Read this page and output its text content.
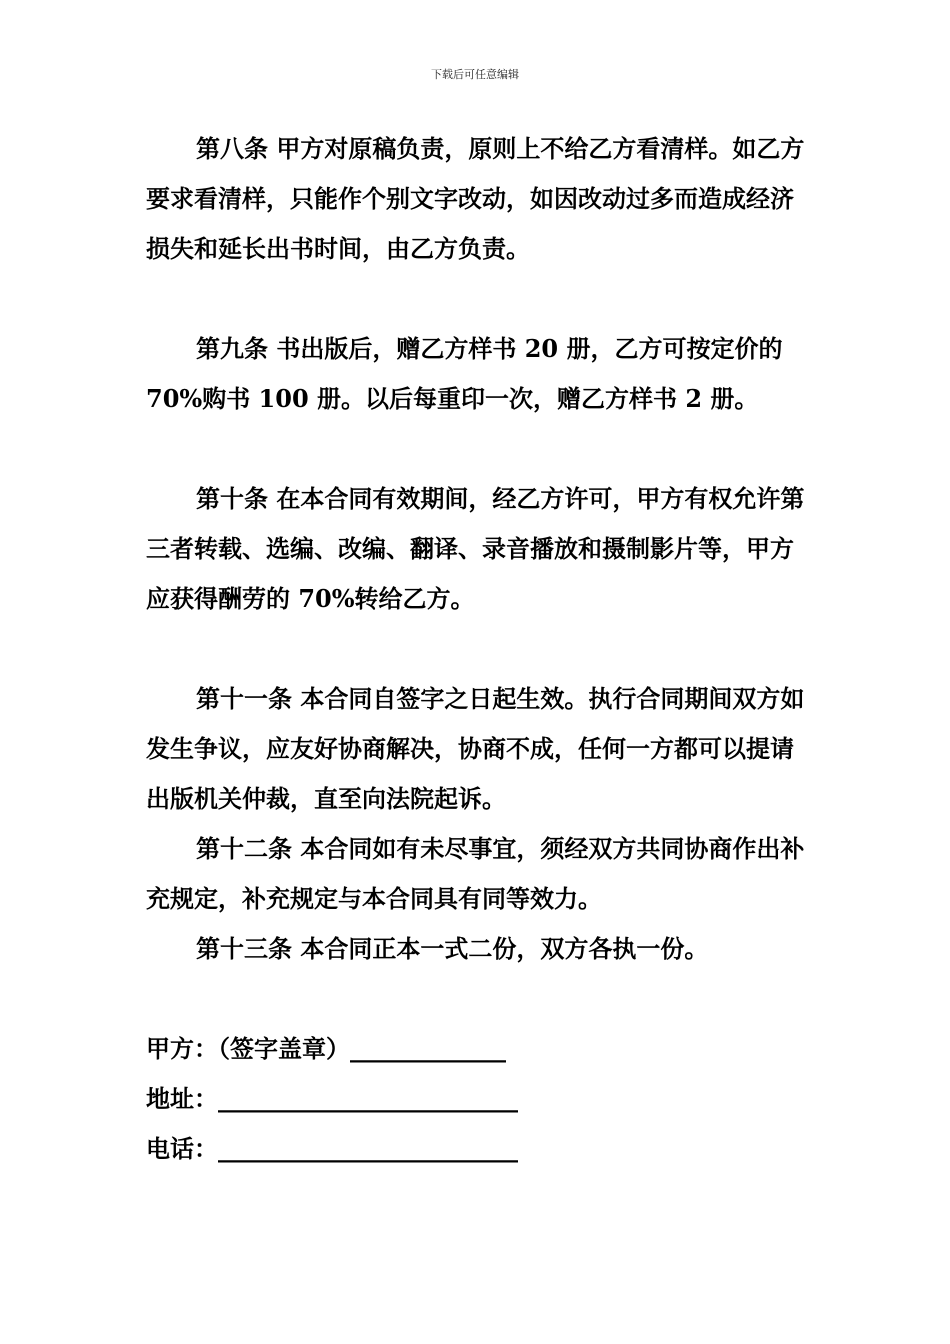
下载后可任意编辑

第八条 甲方对原稿负责，原则上不给乙方看清样。如乙方要求看清样，只能作个别文字改动，如因改动过多而造成经济损失和延长出书时间，由乙方负责。

第九条 书出版后，赠乙方样书 20 册，乙方可按定价的 70%购书 100 册。以后每重印一次，赠乙方样书 2 册。

第十条 在本合同有效期间，经乙方许可，甲方有权允许第三者转载、选编、改编、翻译、录音播放和摄制影片等，甲方应获得酬劳的 70%转给乙方。

第十一条 本合同自签字之日起生效。执行合同期间双方如发生争议，应友好协商解决，协商不成，任何一方都可以提请出版机关仲裁，直至向法院起诉。

第十二条 本合同如有未尽事宜，须经双方共同协商作出补充规定，补充规定与本合同具有同等效力。

第十三条 本合同正本一式二份，双方各执一份。

甲方：（签字盖章）_____________

地址：_________________________

电话：_________________________
